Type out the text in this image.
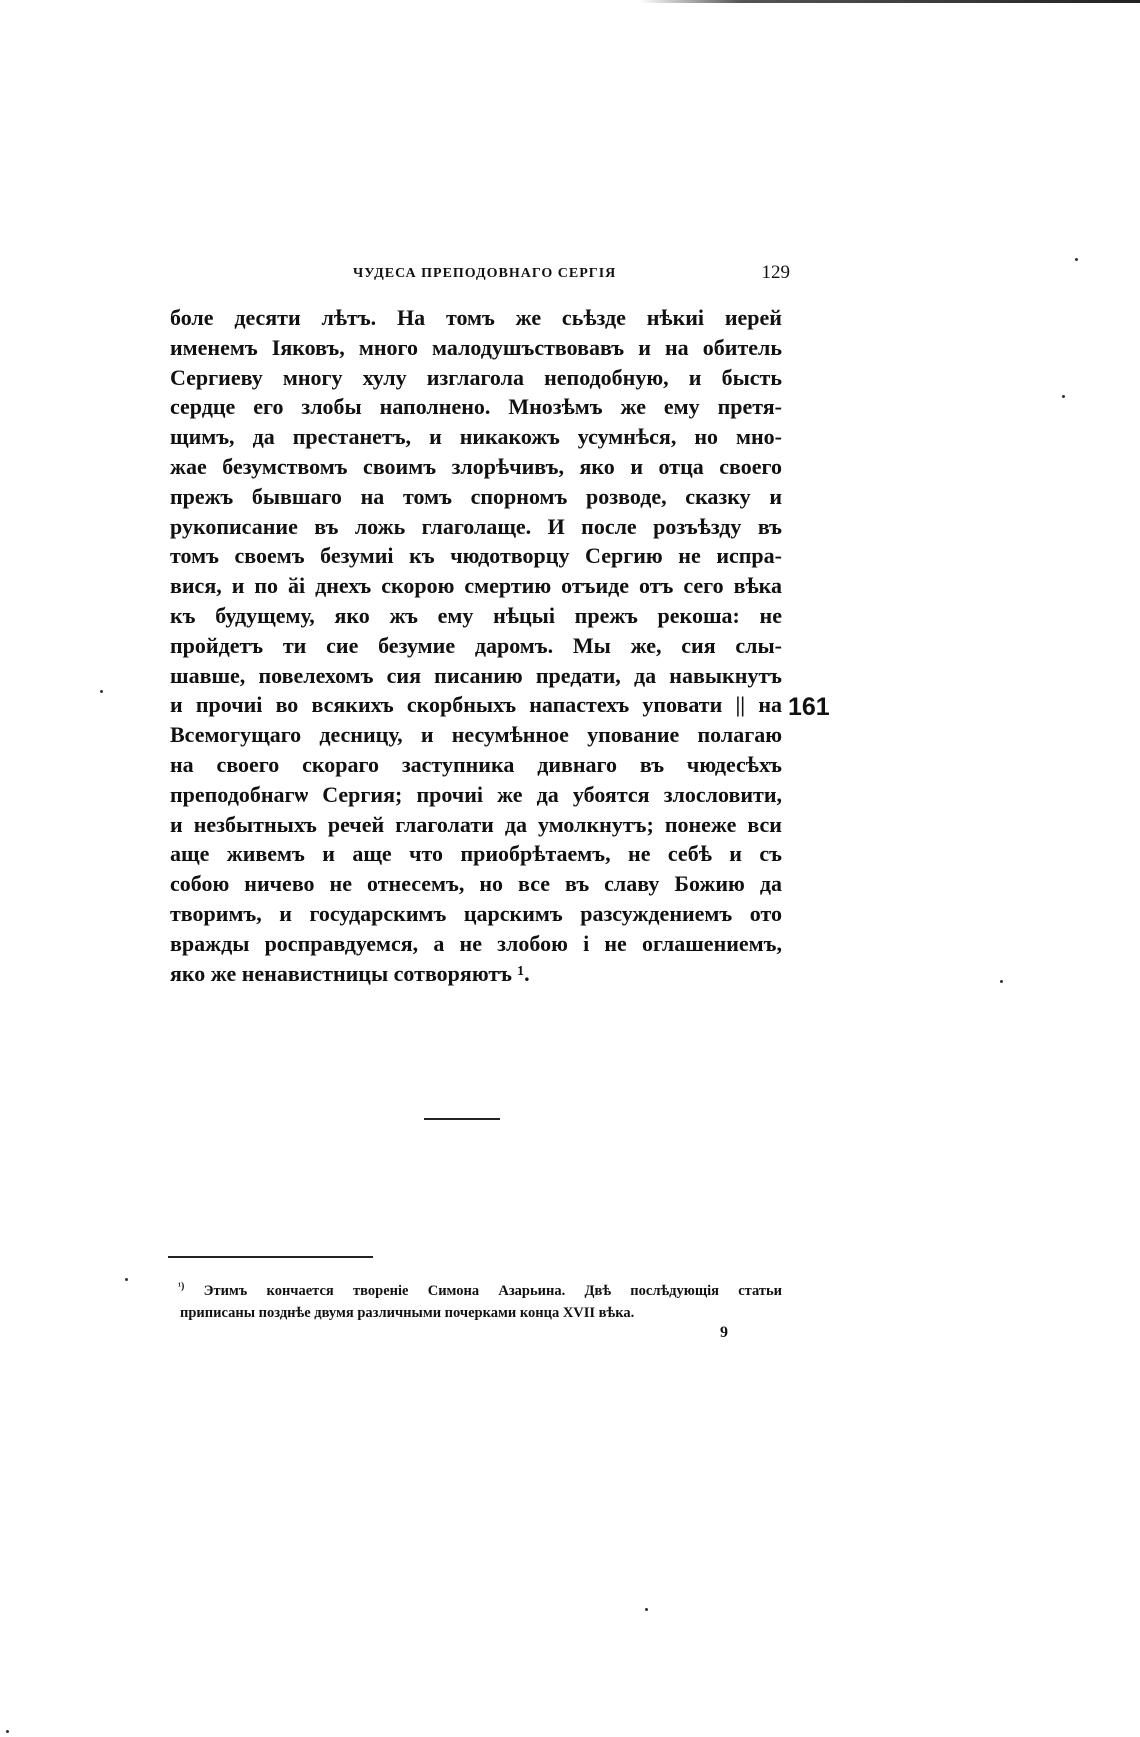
ЧУДЕСА ПРЕПОДОВНАГО СЕРГІЯ	129
боле десяти лѣтъ. На томъ же сьѣзде нѣкиі иерей
именемъ Іяковъ, много малодушъствовавъ и на обитель
Сергиеву многу хулу изглагола неподобную, и бысть
сердце его злобы наполнено. Мнозѣмъ же ему претя-
щимъ, да престанетъ, и никакожъ усумнѣся, но мно-
жае безумствомъ своимъ злорѣчивъ, яко и отца своего
прежъ бывшаго на томъ спорномъ розводе, сказку и
рукописание въ ложь глаголаще. И после розъѣзду въ
томъ своемъ безумиі къ чюдотворцу Сергию не испра-
вися, и по ӑі днехъ скорою смертию отъиде отъ сего вѣка
къ будущему, яко жъ ему нѣцыі прежъ рекоша: не
пройдетъ ти сие безумие даромъ. Мы же, сия слы-
шавше, повелехомъ сия писанию предати, да навыкнутъ
и прочиі во всякихъ скорбныхъ напастехъ уповати || на
Всемогущаго десницу, и несумѣнное упование полагаю
на своего скораго заступника дивнаго въ чюдесѣхъ
преподобнагѡ Сергия; прочиі же да убоятся злословити,
и незбытныхъ речей глаголати да умолкнутъ; понеже вси
аще живемъ и аще что приобрѣтаемъ, не себѣ и съ
собою ничево не отнесемъ, но все въ славу Божию да
творимъ, и государскимъ царскимъ разсуждениемъ ото
вражды росправдуемся, а не злобою і не оглашениемъ,
яко же ненавистницы сотворяютъ ¹.
161
$^{^1)}$ Этимъ кончается твореніе Симона Азарьина. Двѣ послѣдующія статьи
приписаны позднѣе двумя различными почерками конца XVII вѣка.
9
